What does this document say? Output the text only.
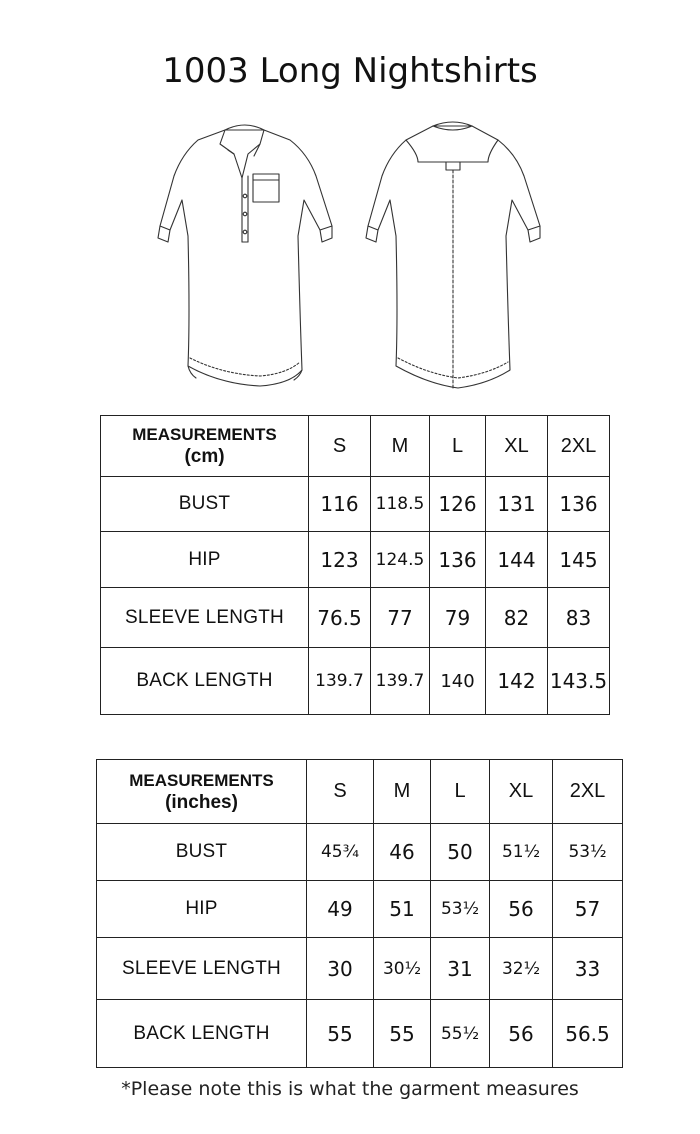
1003 Long Nightshirts
MEASUREMENTS
(cm)	S	M	L	XL	2XL
BUST	116	118.5	126	131	136
HIP	123	124.5	136	144	145
SLEEVE LENGTH	76.5	77	79	82	83
BACK LENGTH	139.7	139.7	140	142	143.5
MEASUREMENTS
(inches)	S	M	L	XL	2XL
BUST	45¾	46	50	51½	53½
HIP	49	51	53½	56	57
SLEEVE LENGTH	30	30½	31	32½	33
BACK LENGTH	55	55	55½	56	56.5
*Please note this is what the garment measures
